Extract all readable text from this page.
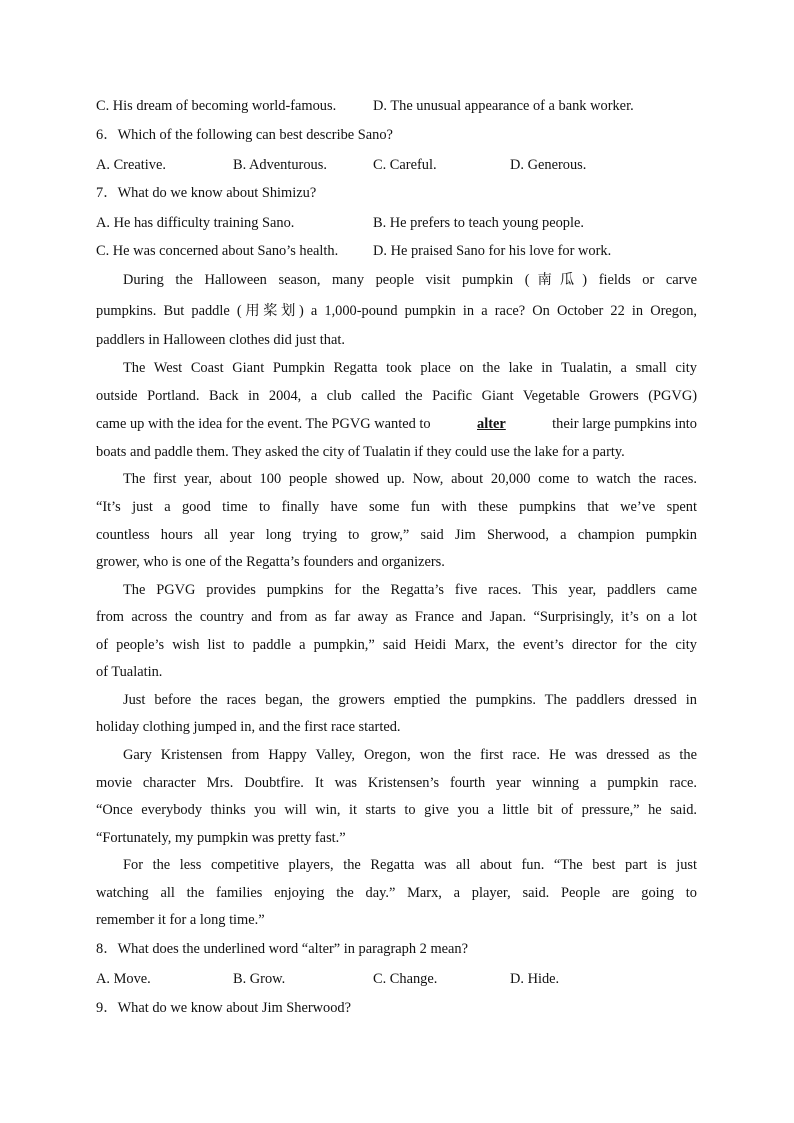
C. His dream of becoming world-famous.	D. The unusual appearance of a bank worker.
6．Which of the following can best describe Sano?
A. Creative.	B. Adventurous.	C. Careful.	D. Generous.
7．What do we know about Shimizu?
A. He has difficulty training Sano.	B. He prefers to teach young people.
C. He was concerned about Sano’s health. D. He praised Sano for his love for work.
During the Halloween season, many people visit pumpkin (南瓜) fields or carve
pumpkins. But paddle (用桨划) a 1,000-pound pumpkin in a race? On October 22 in Oregon,
paddlers in Halloween clothes did just that.
The West Coast Giant Pumpkin Regatta took place on the lake in Tualatin, a small city
outside Portland. Back in 2004, a club called the Pacific Giant Vegetable Growers (PGVG)
came up with the idea for the event. The PGVG wanted to	alter	their large pumpkins into
boats and paddle them. They asked the city of Tualatin if they could use the lake for a party.
The first year, about 100 people showed up. Now, about 20,000 come to watch the races.
“It’s just a good time to finally have some fun with these pumpkins that we’ve spent
countless hours all year long trying to grow,” said Jim Sherwood, a champion pumpkin
grower, who is one of the Regatta’s founders and organizers.
The PGVG provides pumpkins for the Regatta’s five races. This year, paddlers came
from across the country and from as far away as France and Japan. “Surprisingly, it’s on a lot
of people’s wish list to paddle a pumpkin,” said Heidi Marx, the event’s director for the city
of Tualatin.
Just before the races began, the growers emptied the pumpkins. The paddlers dressed in
holiday clothing jumped in, and the first race started.
Gary Kristensen from Happy Valley, Oregon, won the first race. He was dressed as the
movie character Mrs. Doubtfire. It was Kristensen’s fourth year winning a pumpkin race.
“Once everybody thinks you will win, it starts to give you a little bit of pressure,” he said.
“Fortunately, my pumpkin was pretty fast.”
For the less competitive players, the Regatta was all about fun. “The best part is just
watching all the families enjoying the day.” Marx, a player, said. People are going to
remember it for a long time.”
8．What does the underlined word “alter” in paragraph 2 mean?
A. Move.	B. Grow.	C. Change.	D. Hide.
9．What do we know about Jim Sherwood?
